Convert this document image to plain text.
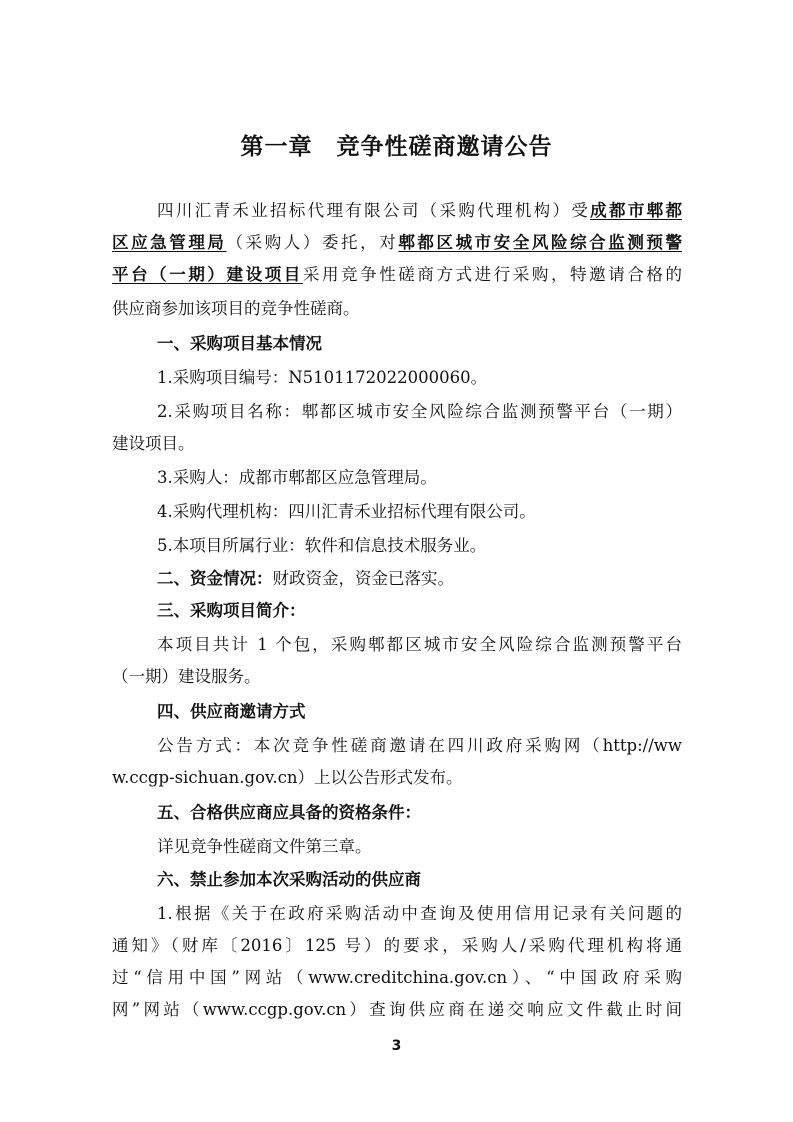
第一章　竞争性磋商邀请公告
四川汇青禾业招标代理有限公司（采购代理机构）受成都市郫都
区应急管理局（采购人）委托，对郫都区城市安全风险综合监测预警
平台（一期）建设项目采用竞争性磋商方式进行采购，特邀请合格的
供应商参加该项目的竞争性磋商。
一、采购项目基本情况
1.采购项目编号：N5101172022000060。
2.采购项目名称：郫都区城市安全风险综合监测预警平台（一期）
建设项目。
3.采购人：成都市郫都区应急管理局。
4.采购代理机构：四川汇青禾业招标代理有限公司。
5.本项目所属行业：软件和信息技术服务业。
二、资金情况：财政资金，资金已落实。
三、采购项目简介：
本项目共计 1 个包，采购郫都区城市安全风险综合监测预警平台
（一期）建设服务。
四、供应商邀请方式
公告方式：本次竞争性磋商邀请在四川政府采购网（http://ww
w.ccgp-sichuan.gov.cn）上以公告形式发布。
五、合格供应商应具备的资格条件：
详见竞争性磋商文件第三章。
六、禁止参加本次采购活动的供应商
1.根据《关于在政府采购活动中查询及使用信用记录有关问题的
通知》（财库〔2016〕125 号）的要求，采购人/采购代理机构将通
过“信用中国”网站（www.creditchina.gov.cn）、“中国政府采购
网”网站（www.ccgp.gov.cn）查询供应商在递交响应文件截止时间
3
